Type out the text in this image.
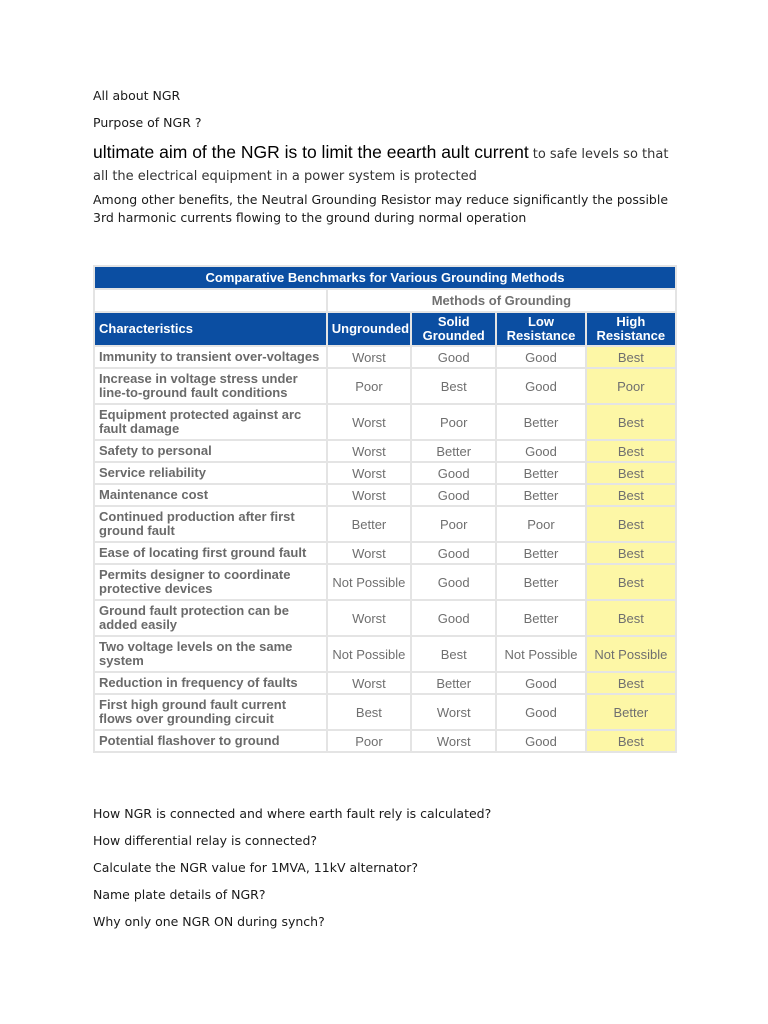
All about NGR

Purpose of NGR ?

ultimate aim of the NGR is to limit the eearth ault current to safe levels so that all the electrical equipment in a power system is protected

Among other benefits, the Neutral Grounding Resistor may reduce significantly the possible 3rd harmonic currents flowing to the ground during normal operation

Comparative Benchmarks for Various Grounding Methods				
	Methods of Grounding			
Characteristics	Ungrounded	Solid Grounded	Low Resistance	High Resistance
Immunity to transient over-voltages	Worst	Good	Good	Best
Increase in voltage stress under line-to-ground fault conditions	Poor	Best	Good	Poor
Equipment protected against arc fault damage	Worst	Poor	Better	Best
Safety to personal	Worst	Better	Good	Best
Service reliability	Worst	Good	Better	Best
Maintenance cost	Worst	Good	Better	Best
Continued production after first ground fault	Better	Poor	Poor	Best
Ease of locating first ground fault	Worst	Good	Better	Best
Permits designer to coordinate protective devices	Not Possible	Good	Better	Best
Ground fault protection can be added easily	Worst	Good	Better	Best
Two voltage levels on the same system	Not Possible	Best	Not Possible	Not Possible
Reduction in frequency of faults	Worst	Better	Good	Best
First high ground fault current flows over grounding circuit	Best	Worst	Good	Better
Potential flashover to ground	Poor	Worst	Good	Best

How NGR is connected and where earth fault rely is calculated?

How differential relay is connected?

Calculate the NGR value for 1MVA, 11kV alternator?

Name plate details of NGR?

Why only one NGR ON during synch?
